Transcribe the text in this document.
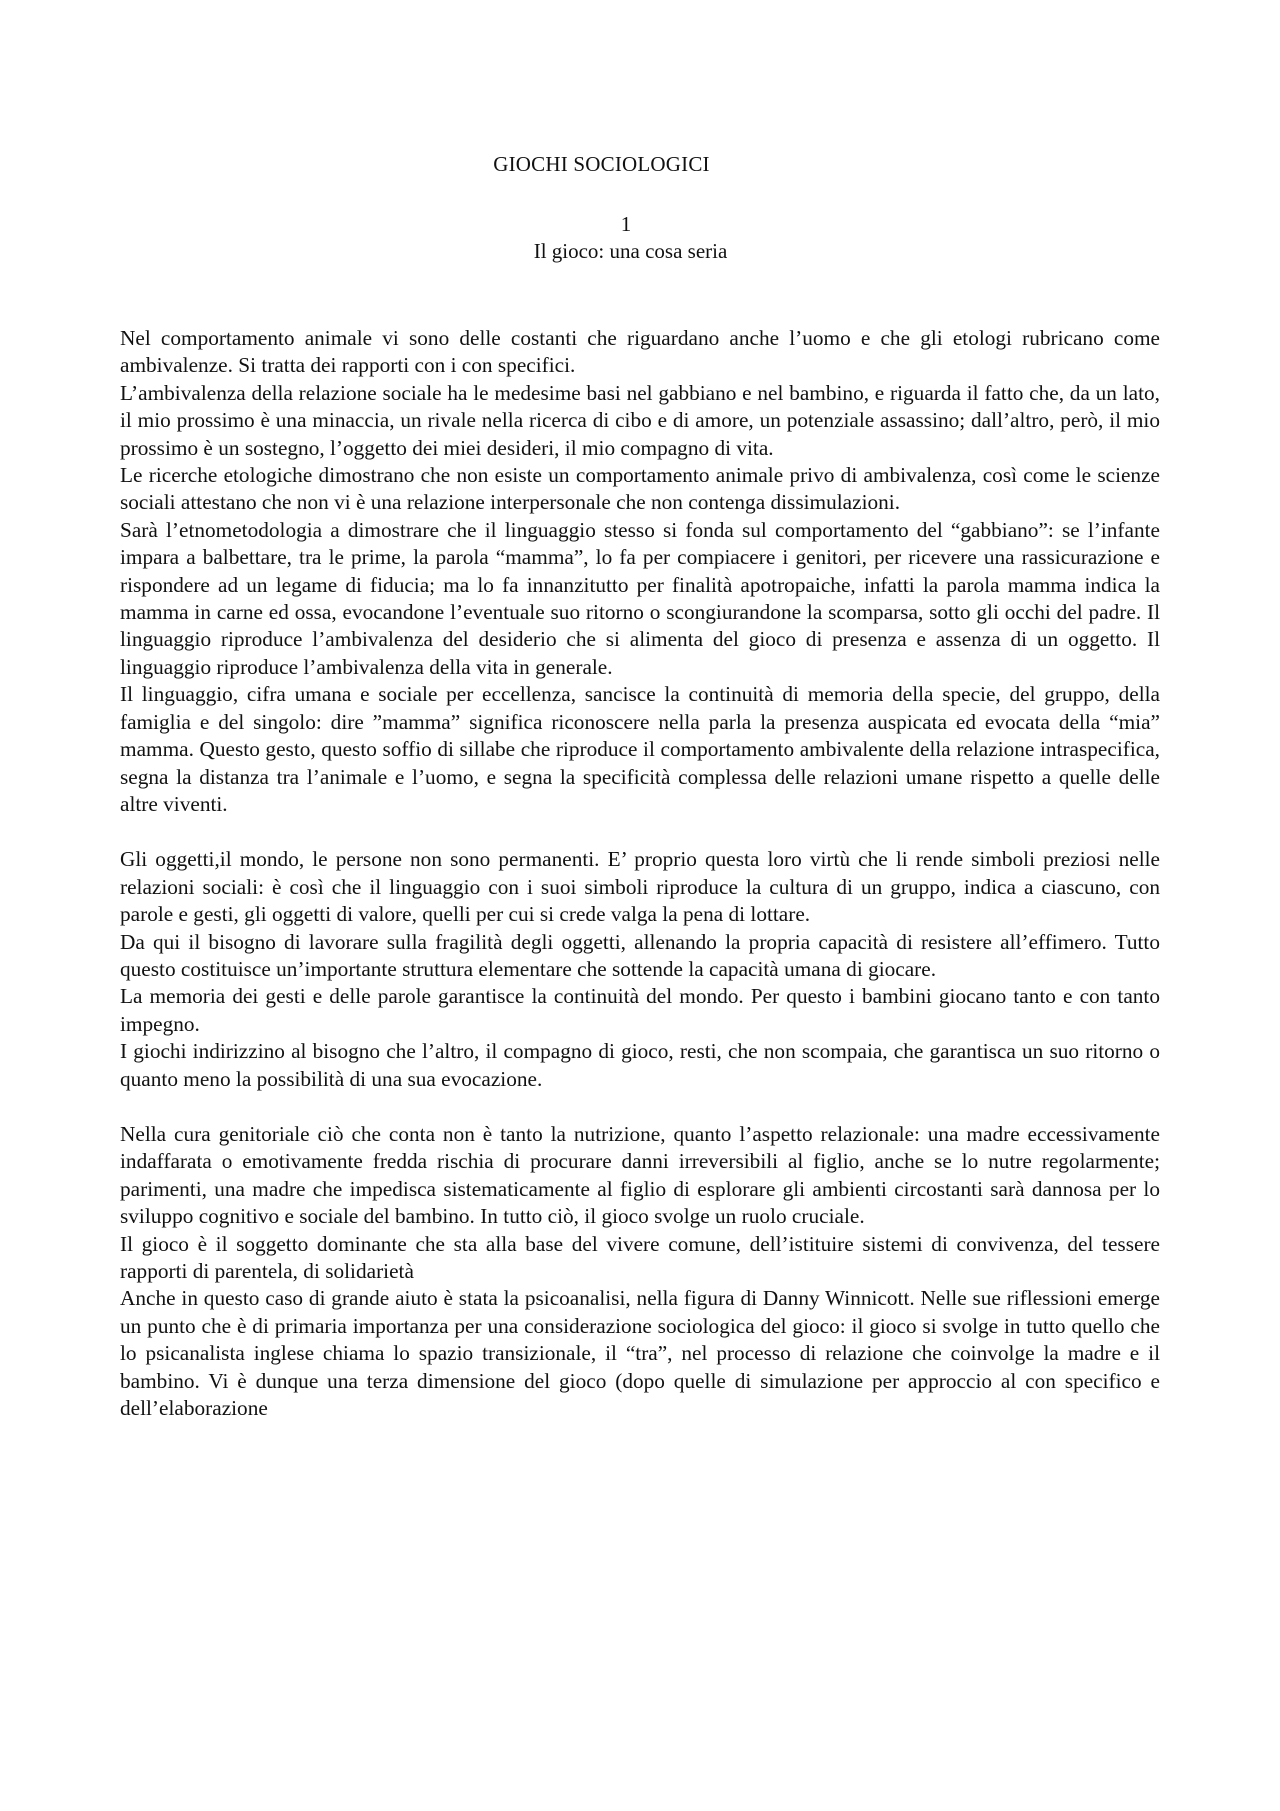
GIOCHI SOCIOLOGICI
1
Il gioco: una cosa seria

Nel comportamento animale vi sono delle costanti che riguardano anche l’uomo e che gli etologi rubricano come ambivalenze. Si tratta dei rapporti con i con specifici.

L’ambivalenza della relazione sociale ha le medesime basi nel gabbiano e nel bambino, e riguarda il fatto che, da un lato, il mio prossimo è una minaccia, un rivale nella ricerca di cibo e di amore, un potenziale assassino; dall’altro, però, il mio prossimo è un sostegno, l’oggetto dei miei desideri, il mio compagno di vita.

Le ricerche etologiche dimostrano che non esiste un comportamento animale privo di ambivalenza, così come le scienze sociali attestano che non vi è una relazione interpersonale che non contenga dissimulazioni.

Sarà l’etnometodologia a dimostrare che il linguaggio stesso si fonda sul comportamento del “gabbiano”: se l’infante impara a balbettare, tra le prime, la parola “mamma”, lo fa per compiacere i genitori, per ricevere una rassicurazione e rispondere ad un legame di fiducia; ma lo fa innanzitutto per finalità apotropaiche, infatti la parola mamma indica la mamma in carne ed ossa, evocandone l’eventuale suo ritorno o scongiurandone la scomparsa, sotto gli occhi del padre. Il linguaggio riproduce l’ambivalenza del desiderio che si alimenta del gioco di presenza e assenza di un oggetto. Il linguaggio riproduce l’ambivalenza della vita in generale.

Il linguaggio, cifra umana e sociale per eccellenza, sancisce la continuità di memoria della specie, del gruppo, della famiglia e del singolo: dire ”mamma” significa riconoscere nella parla la presenza auspicata ed evocata della “mia” mamma. Questo gesto, questo soffio di sillabe che riproduce il comportamento ambivalente della relazione intraspecifica, segna la distanza tra l’animale e l’uomo, e segna la specificità complessa delle relazioni umane rispetto a quelle delle altre viventi.

Gli oggetti,il mondo, le persone non sono permanenti. E’ proprio questa loro virtù che li rende simboli preziosi nelle relazioni sociali: è così che il linguaggio con i suoi simboli riproduce la cultura di un gruppo, indica a ciascuno, con parole e gesti, gli oggetti di valore, quelli per cui si crede valga la pena di lottare.

Da qui il bisogno di lavorare sulla fragilità degli oggetti, allenando la propria capacità di resistere all’effimero. Tutto questo costituisce un’importante struttura elementare che sottende la capacità umana di giocare.

La memoria dei gesti e delle parole garantisce la continuità del mondo. Per questo i bambini giocano tanto e con tanto impegno.

I giochi indirizzino al bisogno che l’altro, il compagno di gioco, resti, che non scompaia, che garantisca un suo ritorno o quanto meno la possibilità di una sua evocazione.

Nella cura genitoriale ciò che conta non è tanto la nutrizione, quanto l’aspetto relazionale: una madre eccessivamente indaffarata o emotivamente fredda rischia di procurare danni irreversibili al figlio, anche se lo nutre regolarmente; parimenti, una madre che impedisca sistematicamente al figlio di esplorare gli ambienti circostanti sarà dannosa per lo sviluppo cognitivo e sociale del bambino. In tutto ciò, il gioco svolge un ruolo cruciale.

Il gioco è il soggetto dominante che sta alla base del vivere comune, dell’istituire sistemi di convivenza, del tessere rapporti di parentela, di solidarietà

Anche in questo caso di grande aiuto è stata la psicoanalisi, nella figura di Danny Winnicott. Nelle sue riflessioni emerge un punto che è di primaria importanza per una considerazione sociologica del gioco: il gioco si svolge in tutto quello che lo psicanalista inglese chiama lo spazio transizionale, il “tra”, nel processo di relazione che coinvolge la madre e il bambino. Vi è dunque una terza dimensione del gioco (dopo quelle di simulazione per approccio al con specifico e dell’elaborazione
